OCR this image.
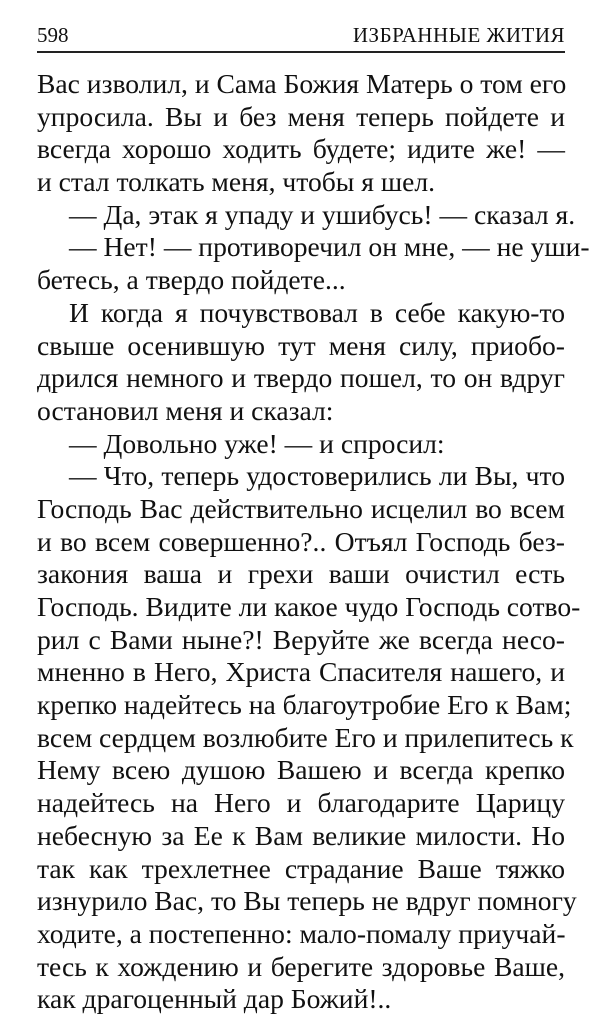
598	ИЗБРАННЫЕ ЖИТИЯ
Вас изволил, и Сама Божия Матерь о том его
упросила. Вы и без меня теперь пойдете и
всегда хорошо ходить будете; идите же! —
и стал толкать меня, чтобы я шел.
— Да, этак я упаду и ушибусь! — сказал я.
— Нет! — противоречил он мне, — не уши-
бетесь, а твердо пойдете...
И когда я почувствовал в себе какую-то
свыше осенившую тут меня силу, приобо-
дрился немного и твердо пошел, то он вдруг
остановил меня и сказал:
— Довольно уже! — и спросил:
— Что, теперь удостоверились ли Вы, что
Господь Вас действительно исцелил во всем
и во всем совершенно?.. Отъял Господь без-
закония ваша и грехи ваши очистил есть
Господь. Видите ли какое чудо Господь сотво-
рил с Вами ныне?! Веруйте же всегда несо-
мненно в Него, Христа Спасителя нашего, и
крепко надейтесь на благоутробие Его к Вам;
всем сердцем возлюбите Его и прилепитесь к
Нему всею душою Вашею и всегда крепко
надейтесь на Него и благодарите Царицу
небесную за Ее к Вам великие милости. Но
так как трехлетнее страдание Ваше тяжко
изнурило Вас, то Вы теперь не вдруг помногу
ходите, а постепенно: мало-помалу приучай-
тесь к хождению и берегите здоровье Ваше,
как драгоценный дар Божий!..
